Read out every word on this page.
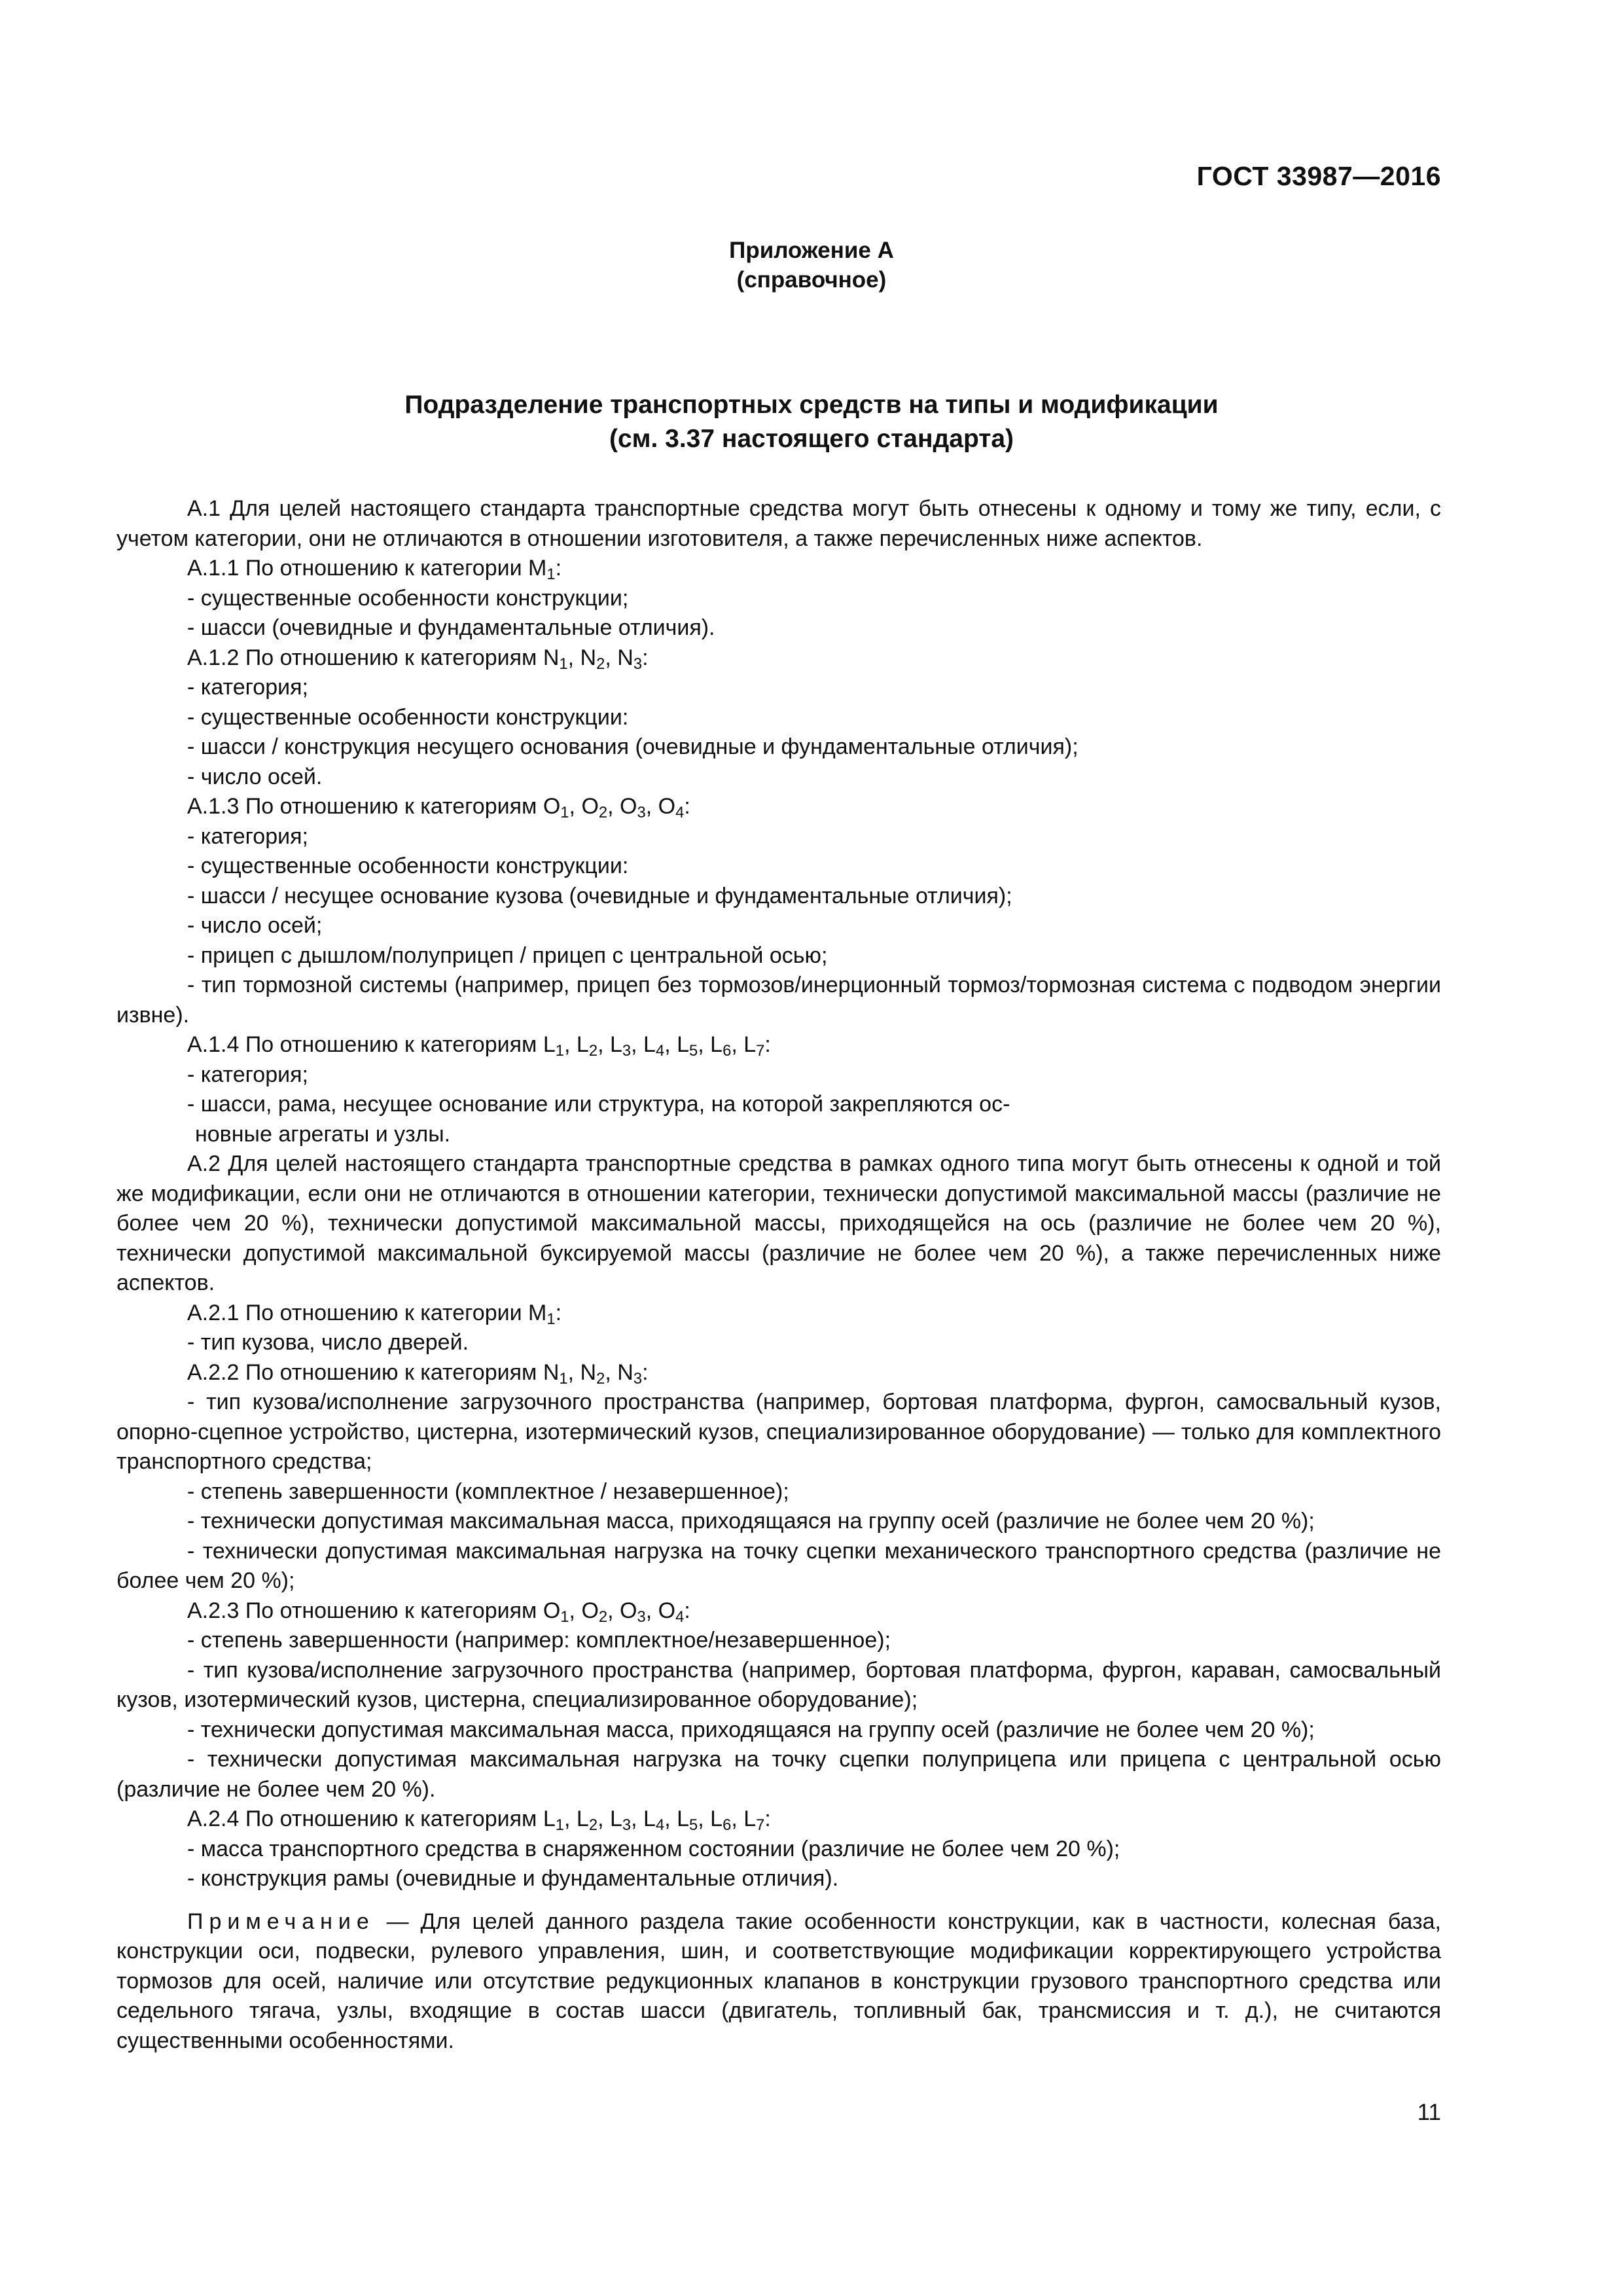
ГОСТ 33987—2016
Приложение А
(справочное)
Подразделение транспортных средств на типы и модификации
(см. 3.37 настоящего стандарта)

А.1 Для целей настоящего стандарта транспортные средства могут быть отнесены к одному и тому же типу, если, с учетом категории, они не отличаются в отношении изготовителя, а также перечисленных ниже аспектов.

А.1.1 По отношению к категории $М_1$:

- существенные особенности конструкции;

- шасси (очевидные и фундаментальные отличия).

А.1.2 По отношению к категориям $N_1$, $N_2$, $N_3$:

- категория;

- существенные особенности конструкции:

- шасси / конструкция несущего основания (очевидные и фундаментальные отличия);

- число осей.

А.1.3 По отношению к категориям $О_1$, $О_2$, $О_3$, $О_4$:

- категория;

- существенные особенности конструкции:

- шасси / несущее основание кузова (очевидные и фундаментальные отличия);

- число осей;

- прицеп с дышлом/полуприцеп / прицеп с центральной осью;

- тип тормозной системы (например, прицеп без тормозов/инерционный тормоз/тормозная система с подводом энергии извне).

А.1.4 По отношению к категориям $L_1$, $L_2$, $L_3$, $L_4$, $L_5$, $L_6$, $L_7$:

- категория;

- шасси, рама, несущее основание или структура, на которой закрепляются ос-

новные агрегаты и узлы.

А.2 Для целей настоящего стандарта транспортные средства в рамках одного типа могут быть отнесены к одной и той же модификации, если они не отличаются в отношении категории, технически допустимой максимальной массы (различие не более чем 20 %), технически допустимой максимальной массы, приходящейся на ось (различие не более чем 20 %), технически допустимой максимальной буксируемой массы (различие не более чем 20 %), а также перечисленных ниже аспектов.

А.2.1 По отношению к категории $М_1$:

- тип кузова, число дверей.

А.2.2 По отношению к категориям $N_1$, $N_2$, $N_3$:

- тип кузова/исполнение загрузочного пространства (например, бортовая платформа, фургон, самосвальный кузов, опорно-сцепное устройство, цистерна, изотермический кузов, специализированное оборудование) — только для комплектного транспортного средства;

- степень завершенности (комплектное / незавершенное);

- технически допустимая максимальная масса, приходящаяся на группу осей (различие не более чем 20 %);

- технически допустимая максимальная нагрузка на точку сцепки механического транспортного средства (различие не более чем 20 %);

А.2.3 По отношению к категориям $О_1$, $О_2$, $О_3$, $О_4$:

- степень завершенности (например: комплектное/незавершенное);

- тип кузова/исполнение загрузочного пространства (например, бортовая платформа, фургон, караван, самосвальный кузов, изотермический кузов, цистерна, специализированное оборудование);

- технически допустимая максимальная масса, приходящаяся на группу осей (различие не более чем 20 %);

- технически допустимая максимальная нагрузка на точку сцепки полуприцепа или прицепа с центральной осью (различие не более чем 20 %).

А.2.4 По отношению к категориям $L_1$, $L_2$, $L_3$, $L_4$, $L_5$, $L_6$, $L_7$:

- масса транспортного средства в снаряженном состоянии (различие не более чем 20 %);

- конструкция рамы (очевидные и фундаментальные отличия).

Примечание — Для целей данного раздела такие особенности конструкции, как в частности, колесная база, конструкции оси, подвески, рулевого управления, шин, и соответствующие модификации корректирующего устройства тормозов для осей, наличие или отсутствие редукционных клапанов в конструкции грузового транспортного средства или седельного тягача, узлы, входящие в состав шасси (двигатель, топливный бак, трансмиссия и т. д.), не считаются существенными особенностями.

11
